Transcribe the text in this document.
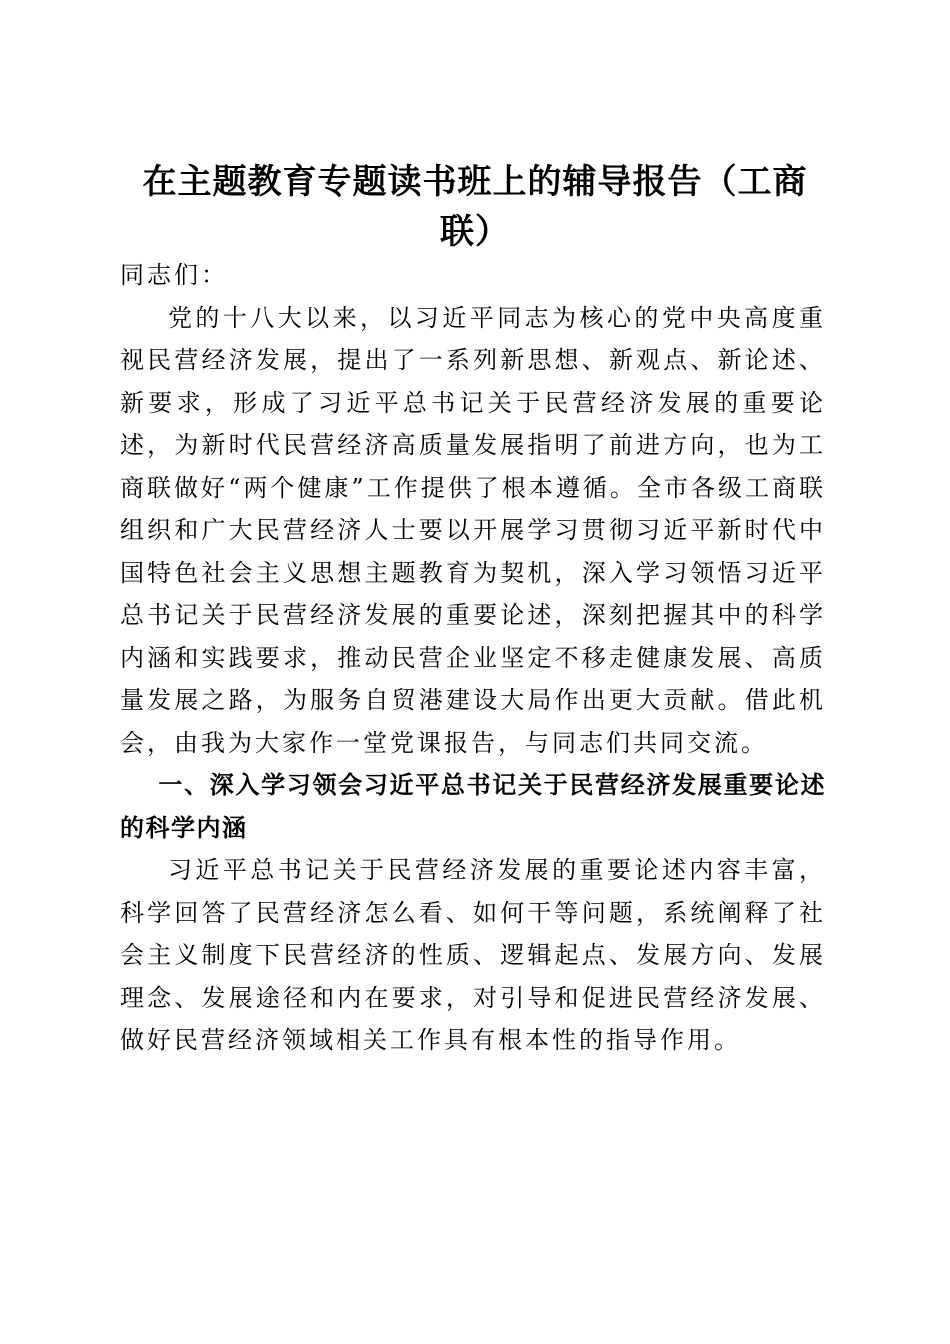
在主题教育专题读书班上的辅导报告（工商联）

同志们：

党的十八大以来，以习近平同志为核心的党中央高度重视民营经济发展，提出了一系列新思想、新观点、新论述、新要求，形成了习近平总书记关于民营经济发展的重要论述，为新时代民营经济高质量发展指明了前进方向，也为工商联做好“两个健康”工作提供了根本遵循。全市各级工商联组织和广大民营经济人士要以开展学习贯彻习近平新时代中国特色社会主义思想主题教育为契机，深入学习领悟习近平总书记关于民营经济发展的重要论述，深刻把握其中的科学内涵和实践要求，推动民营企业坚定不移走健康发展、高质量发展之路，为服务自贸港建设大局作出更大贡献。借此机会，由我为大家作一堂党课报告，与同志们共同交流。

一、深入学习领会习近平总书记关于民营经济发展重要论述的科学内涵

习近平总书记关于民营经济发展的重要论述内容丰富，科学回答了民营经济怎么看、如何干等问题，系统阐释了社会主义制度下民营经济的性质、逻辑起点、发展方向、发展理念、发展途径和内在要求，对引导和促进民营经济发展、做好民营经济领域相关工作具有根本性的指导作用。
